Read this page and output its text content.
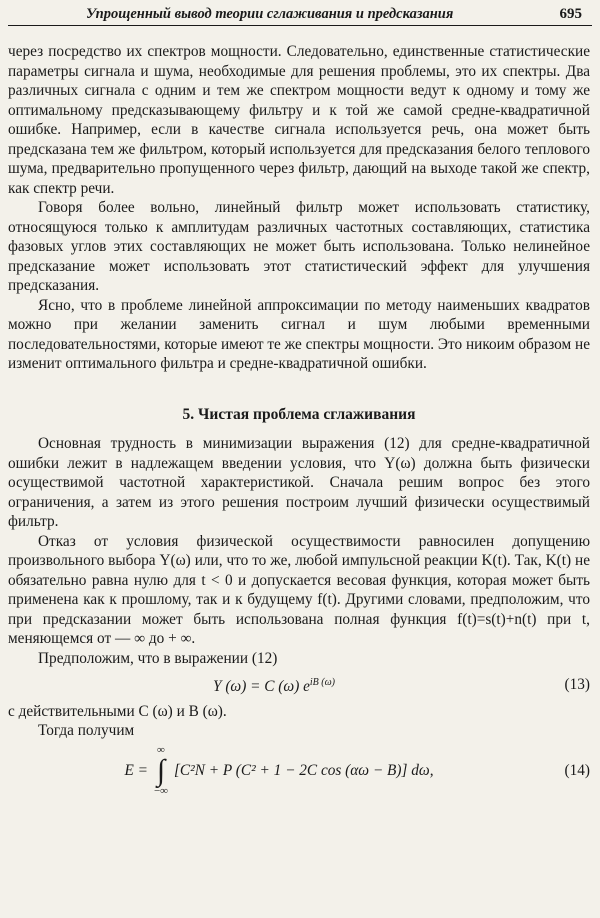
Упрощенный вывод теории сглаживания и предсказания	695

через посредство их спектров мощности. Следовательно, единственные статистические параметры сигнала и шума, необходимые для решения проблемы, это их спектры. Два различных сигнала с одним и тем же спектром мощности ведут к одному и тому же оптимальному предсказывающему фильтру и к той же самой средне-квадратичной ошибке. Например, если в качестве сигнала используется речь, она может быть предсказана тем же фильтром, который используется для предсказания белого теплового шума, предварительно пропущенного через фильтр, дающий на выходе такой же спектр, как спектр речи.

Говоря более вольно, линейный фильтр может использовать статистику, относящуюся только к амплитудам различных частотных составляющих, статистика фазовых углов этих составляющих не может быть использована. Только нелинейное предсказание может использовать этот статистический эффект для улучшения предсказания.

Ясно, что в проблеме линейной аппроксимации по методу наименьших квадратов можно при желании заменить сигнал и шум любыми временными последовательностями, которые имеют те же спектры мощности. Это никоим образом не изменит оптимального фильтра и средне-квадратичной ошибки.

5. Чистая проблема сглаживания

Основная трудность в минимизации выражения (12) для средне-квадратичной ошибки лежит в надлежащем введении условия, что Y(ω) должна быть физически осуществимой частотной характеристикой. Сначала решим вопрос без этого ограничения, а затем из этого решения построим лучший физически осуществимый фильтр.

Отказ от условия физической осуществимости равносилен допущению произвольного выбора Y(ω) или, что то же, любой импульсной реакции K(t). Так, K(t) не обязательно равна нулю для t < 0 и допускается весовая функция, которая может быть применена как к прошлому, так и к будущему f(t). Другими словами, предположим, что при предсказании может быть использована полная функция f(t)=s(t)+n(t) при t, меняющемся от — ∞ до + ∞.

Предположим, что в выражении (12)

Y (ω) = C (ω) $e^{iB (\omega)}$	(13)

с действительными C (ω) и B (ω).

Тогда получим

E =
∞
∫
−∞
[C²N + P (C² + 1 − 2C cos (αω − B)] dω,	(14)
